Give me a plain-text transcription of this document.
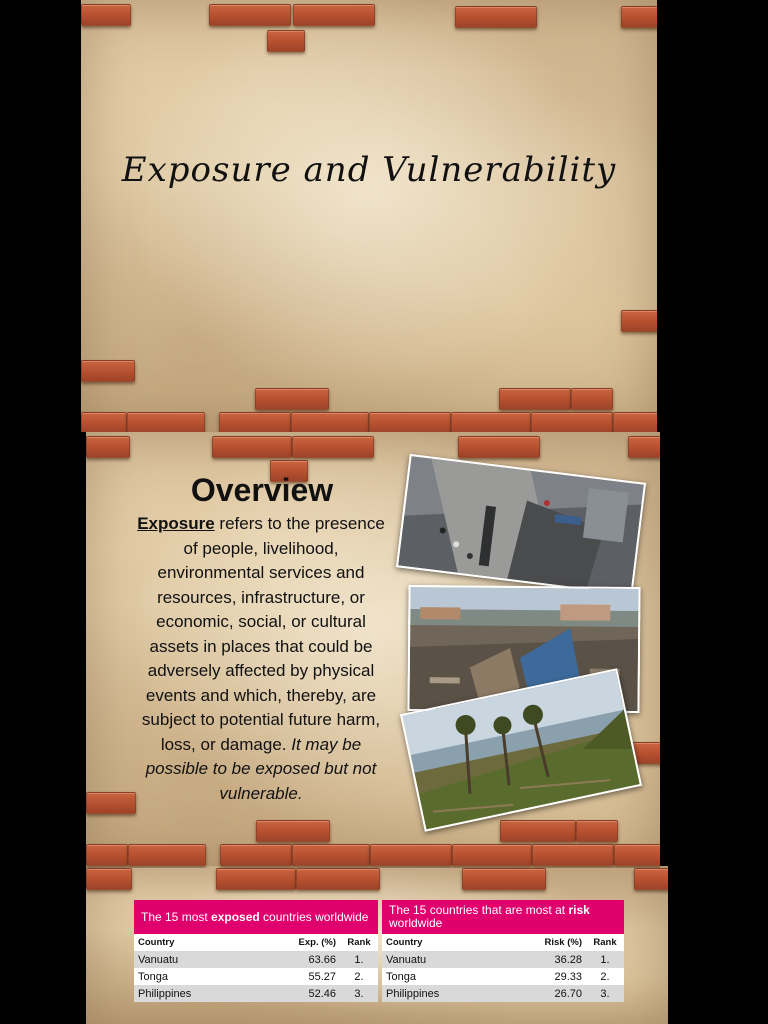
Exposure and Vulnerability
Overview
Exposure refers to the presence of people, livelihood, environmental services and resources, infrastructure, or economic, social, or cultural assets in places that could be adversely affected by physical events and which, thereby, are subject to potential future harm, loss, or damage. It may be possible to be exposed but not vulnerable.
The 15 most exposed countries worldwide
Country	Exp. (%)	Rank
Vanuatu	63.66	1.
Tonga	55.27	2.
Philippines	52.46	3.
The 15 countries that are most at risk worldwide
Country	Risk (%)	Rank
Vanuatu	36.28	1.
Tonga	29.33	2.
Philippines	26.70	3.
